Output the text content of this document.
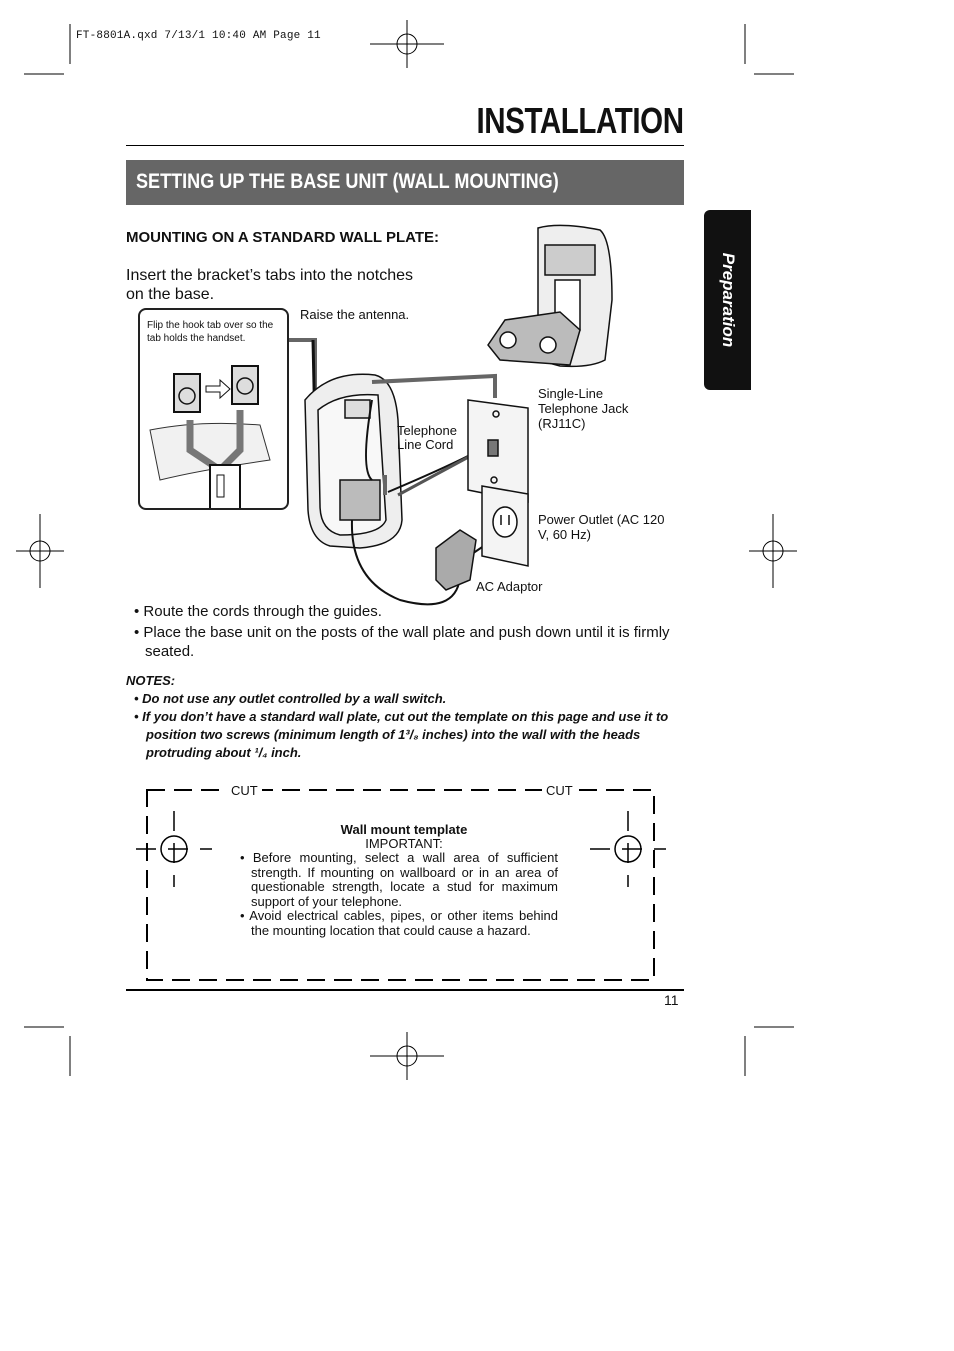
FT-8801A.qxd 7/13/1 10:40 AM Page 11
INSTALLATION
SETTING UP THE BASE UNIT (WALL MOUNTING)
Preparation
MOUNTING ON A STANDARD WALL PLATE:
Insert the bracket’s tabs into the notches on the base.
Flip the hook tab over so the tab holds the handset.
Raise the antenna.
Single-Line Telephone Jack (RJ11C)
Telephone Line Cord
Power Outlet (AC 120 V, 60 Hz)
AC Adaptor
• Route the cords through the guides.
• Place the base unit on the posts of the wall plate and push down until it is firmly seated.
NOTES:
• Do not use any outlet controlled by a wall switch.
• If you don’t have a standard wall plate, cut out the template on this page and use it to position two screws (minimum length of 1³/₈ inches) into the wall with the heads protruding about ¹/₄ inch.
CUT	CUT
Wall mount template
IMPORTANT:
• Before mounting, select a wall area of sufficient strength. If mounting on wallboard or in an area of questionable strength, locate a stud for maximum support of your telephone.
• Avoid electrical cables, pipes, or other items behind the mounting location that could cause a hazard.
11
